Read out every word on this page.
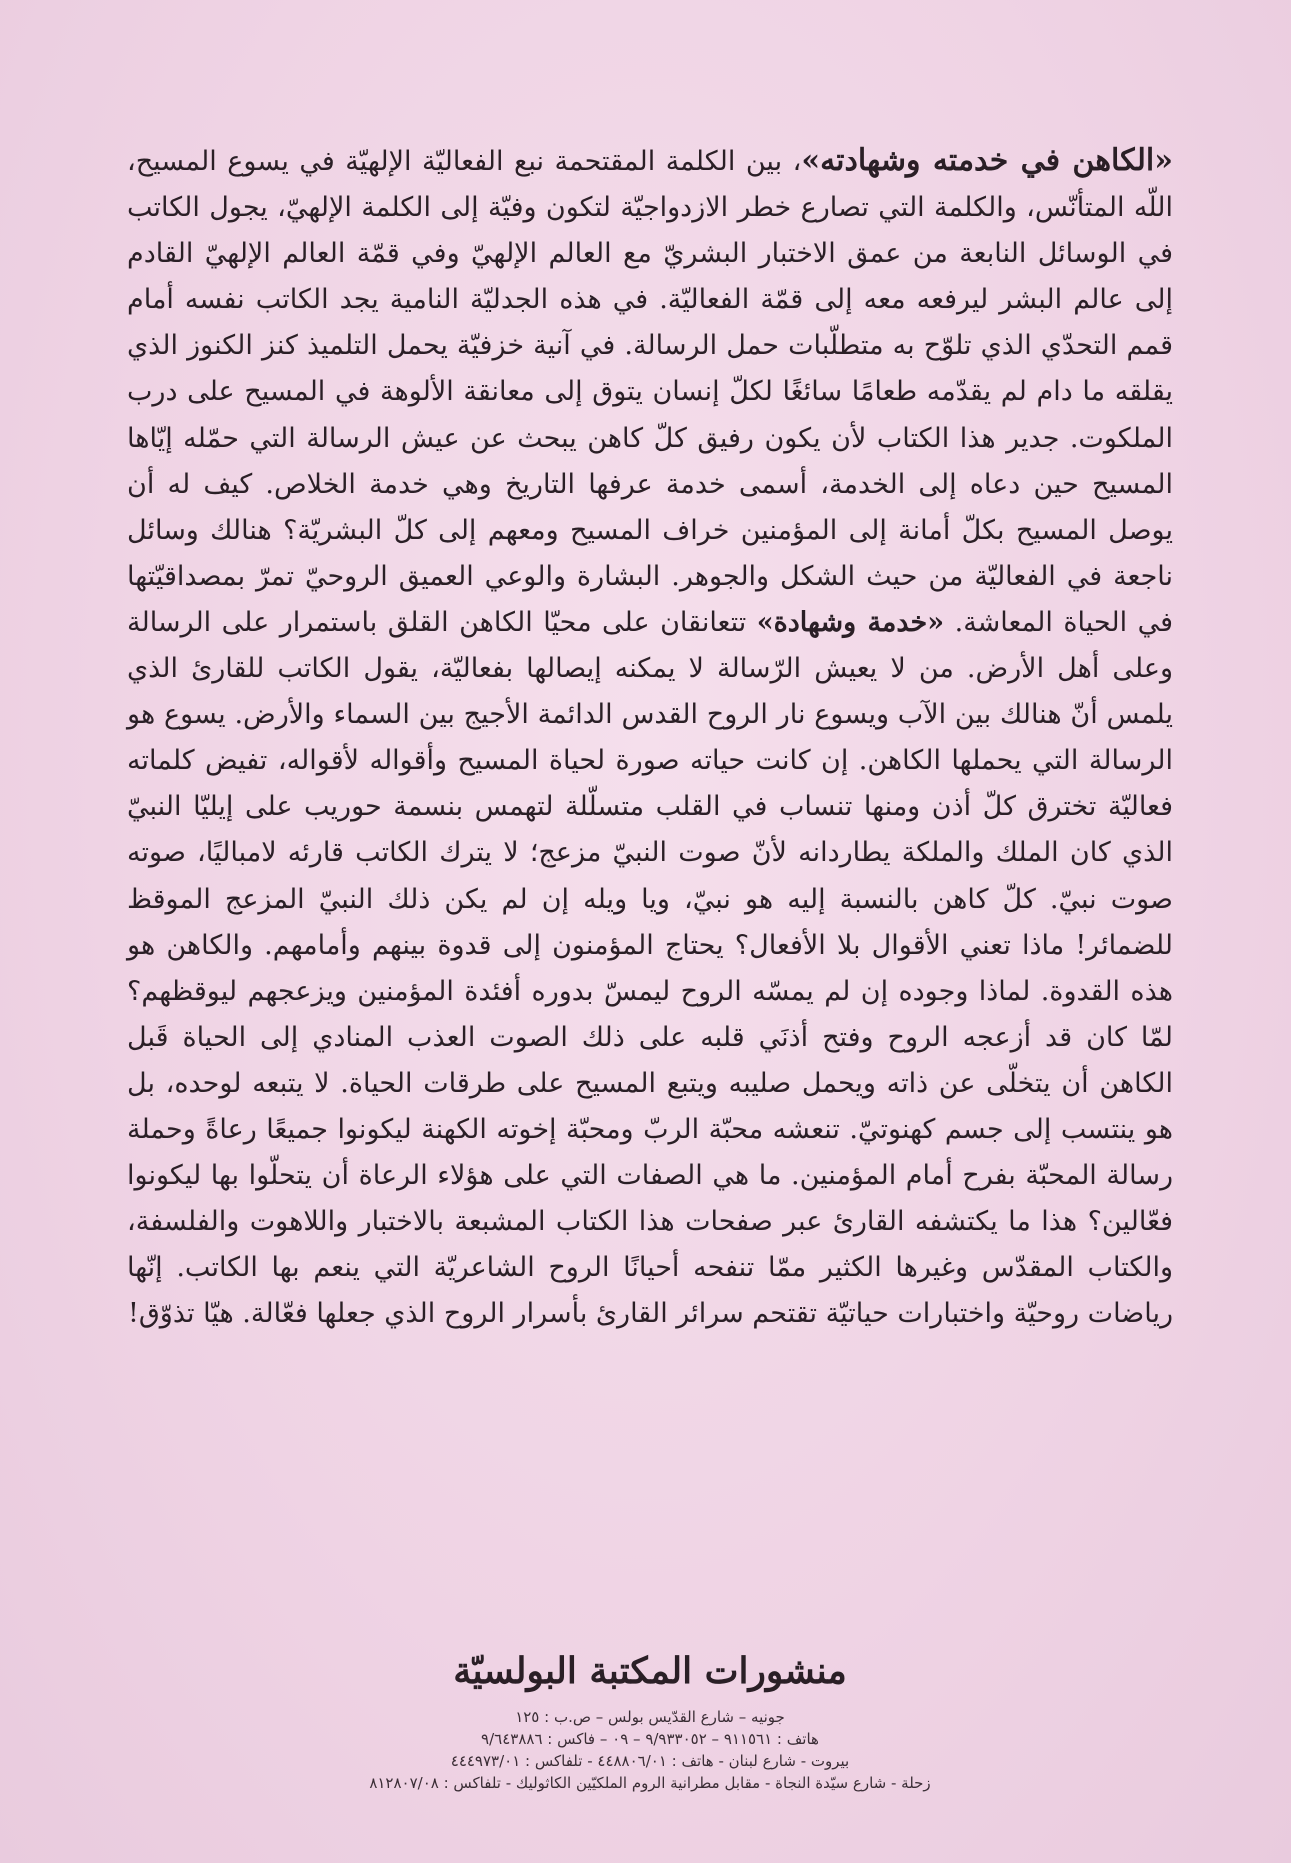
«الكاهن في خدمته وشهادته»، بين الكلمة المقتحمة نبع الفعاليّة الإلهيّة في يسوع المسيح، اللّه المتأنّس، والكلمة التي تصارع خطر الازدواجيّة لتكون وفيّة إلى الكلمة الإلهيّ، يجول الكاتب في الوسائل النابعة من عمق الاختبار البشريّ مع العالم الإلهيّ وفي قمّة العالم الإلهيّ القادم إلى عالم البشر ليرفعه معه إلى قمّة الفعاليّة. في هذه الجدليّة النامية يجد الكاتب نفسه أمام قمم التحدّي الذي تلوّح به متطلّبات حمل الرسالة. في آنية خزفيّة يحمل التلميذ كنز الكنوز الذي يقلقه ما دام لم يقدّمه طعامًا سائغًا لكلّ إنسان يتوق إلى معانقة الألوهة في المسيح على درب الملكوت. جدير هذا الكتاب لأن يكون رفيق كلّ كاهن يبحث عن عيش الرسالة التي حمّله إيّاها المسيح حين دعاه إلى الخدمة، أسمى خدمة عرفها التاريخ وهي خدمة الخلاص. كيف له أن يوصل المسيح بكلّ أمانة إلى المؤمنين خراف المسيح ومعهم إلى كلّ البشريّة؟ هنالك وسائل ناجعة في الفعاليّة من حيث الشكل والجوهر. البشارة والوعي العميق الروحيّ تمرّ بمصداقيّتها في الحياة المعاشة. «خدمة وشهادة» تتعانقان على محيّا الكاهن القلق باستمرار على الرسالة وعلى أهل الأرض. من لا يعيش الرّسالة لا يمكنه إيصالها بفعاليّة، يقول الكاتب للقارئ الذي يلمس أنّ هنالك بين الآب ويسوع نار الروح القدس الدائمة الأجيج بين السماء والأرض. يسوع هو الرسالة التي يحملها الكاهن. إن كانت حياته صورة لحياة المسيح وأقواله لأقواله، تفيض كلماته فعاليّة تخترق كلّ أذن ومنها تنساب في القلب متسلّلة لتهمس بنسمة حوريب على إيليّا النبيّ الذي كان الملك والملكة يطاردانه لأنّ صوت النبيّ مزعج؛ لا يترك الكاتب قارئه لامباليًا، صوته صوت نبيّ. كلّ كاهن بالنسبة إليه هو نبيّ، ويا ويله إن لم يكن ذلك النبيّ المزعج الموقظ للضمائر! ماذا تعني الأقوال بلا الأفعال؟ يحتاج المؤمنون إلى قدوة بينهم وأمامهم. والكاهن هو هذه القدوة. لماذا وجوده إن لم يمسّه الروح ليمسّ بدوره أفئدة المؤمنين ويزعجهم ليوقظهم؟ لمّا كان قد أزعجه الروح وفتح أذنَي قلبه على ذلك الصوت العذب المنادي إلى الحياة قَبل الكاهن أن يتخلّى عن ذاته ويحمل صليبه ويتبع المسيح على طرقات الحياة. لا يتبعه لوحده، بل هو ينتسب إلى جسم كهنوتيّ. تنعشه محبّة الربّ ومحبّة إخوته الكهنة ليكونوا جميعًا رعاةً وحملة رسالة المحبّة بفرح أمام المؤمنين. ما هي الصفات التي على هؤلاء الرعاة أن يتحلّوا بها ليكونوا فعّالين؟ هذا ما يكتشفه القارئ عبر صفحات هذا الكتاب المشبعة بالاختبار واللاهوت والفلسفة، والكتاب المقدّس وغيرها الكثير ممّا تنفحه أحيانًا الروح الشاعريّة التي ينعم بها الكاتب. إنّها رياضات روحيّة واختبارات حياتيّة تقتحم سرائر القارئ بأسرار الروح الذي جعلها فعّالة. هيّا تذوّق!
منشورات المكتبة البولسيّة
جونيه – شارع القدّيس بولس – ص.ب : ١٢٥
هاتف : ٩١١٥٦١ – ٩/٩٣٣٠٥٢ – ٠٩ – فاكس : ٩/٦٤٣٨٨٦
بيروت - شارع لبنان - هاتف : ٤٤٨٨٠٦/٠١ - تلفاكس : ٤٤٤٩٧٣/٠١
زحلة - شارع سيّدة النجاة - مقابل مطرانية الروم الملكيّين الكاثوليك - تلفاكس : ٨١٢٨٠٧/٠٨
